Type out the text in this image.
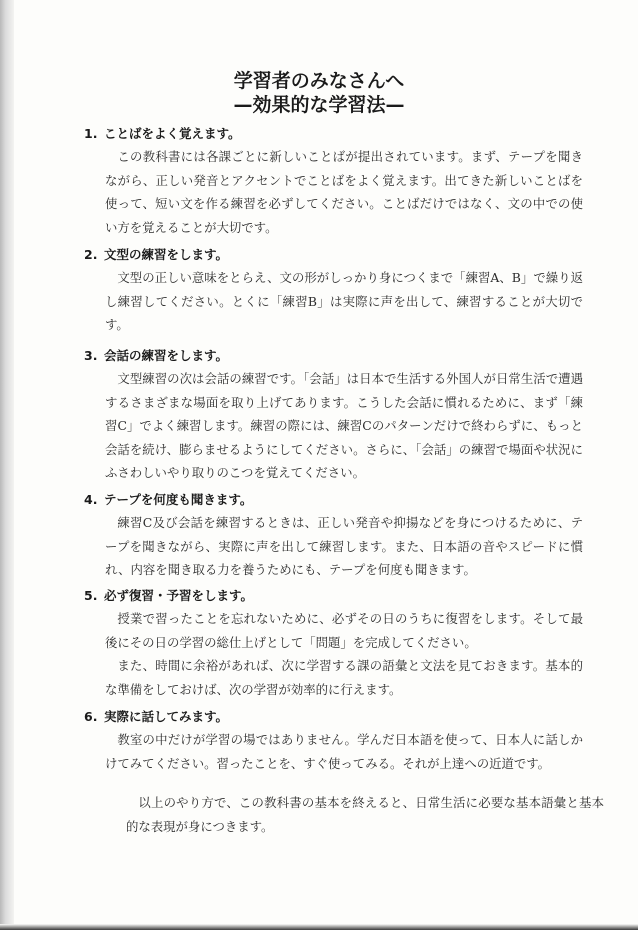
学習者のみなさんへ
—効果的な学習法—
1. ことばをよく覚えます。

この教科書には各課ごとに新しいことばが提出されています。まず、テープを聞きながら、正しい発音とアクセントでことばをよく覚えます。出てきた新しいことばを使って、短い文を作る練習を必ずしてください。ことばだけではなく、文の中での使い方を覚えることが大切です。

2. 文型の練習をします。

文型の正しい意味をとらえ、文の形がしっかり身につくまで「練習A、B」で繰り返し練習してください。とくに「練習B」は実際に声を出して、練習することが大切です。

3. 会話の練習をします。

文型練習の次は会話の練習です。「会話」は日本で生活する外国人が日常生活で遭遇するさまざまな場面を取り上げてあります。こうした会話に慣れるために、まず「練習C」でよく練習します。練習の際には、練習Cのパターンだけで終わらずに、もっと会話を続け、膨らませるようにしてください。さらに、「会話」の練習で場面や状況にふさわしいやり取りのこつを覚えてください。

4. テープを何度も聞きます。

練習C及び会話を練習するときは、正しい発音や抑揚などを身につけるために、テープを聞きながら、実際に声を出して練習します。また、日本語の音やスピードに慣れ、内容を聞き取る力を養うためにも、テープを何度も聞きます。

5. 必ず復習・予習をします。

授業で習ったことを忘れないために、必ずその日のうちに復習をします。そして最後にその日の学習の総仕上げとして「問題」を完成してください。

また、時間に余裕があれば、次に学習する課の語彙と文法を見ておきます。基本的な準備をしておけば、次の学習が効率的に行えます。

6. 実際に話してみます。

教室の中だけが学習の場ではありません。学んだ日本語を使って、日本人に話しかけてみてください。習ったことを、すぐ使ってみる。それが上達への近道です。

以上のやり方で、この教科書の基本を終えると、日常生活に必要な基本語彙と基本的な表現が身につきます。
